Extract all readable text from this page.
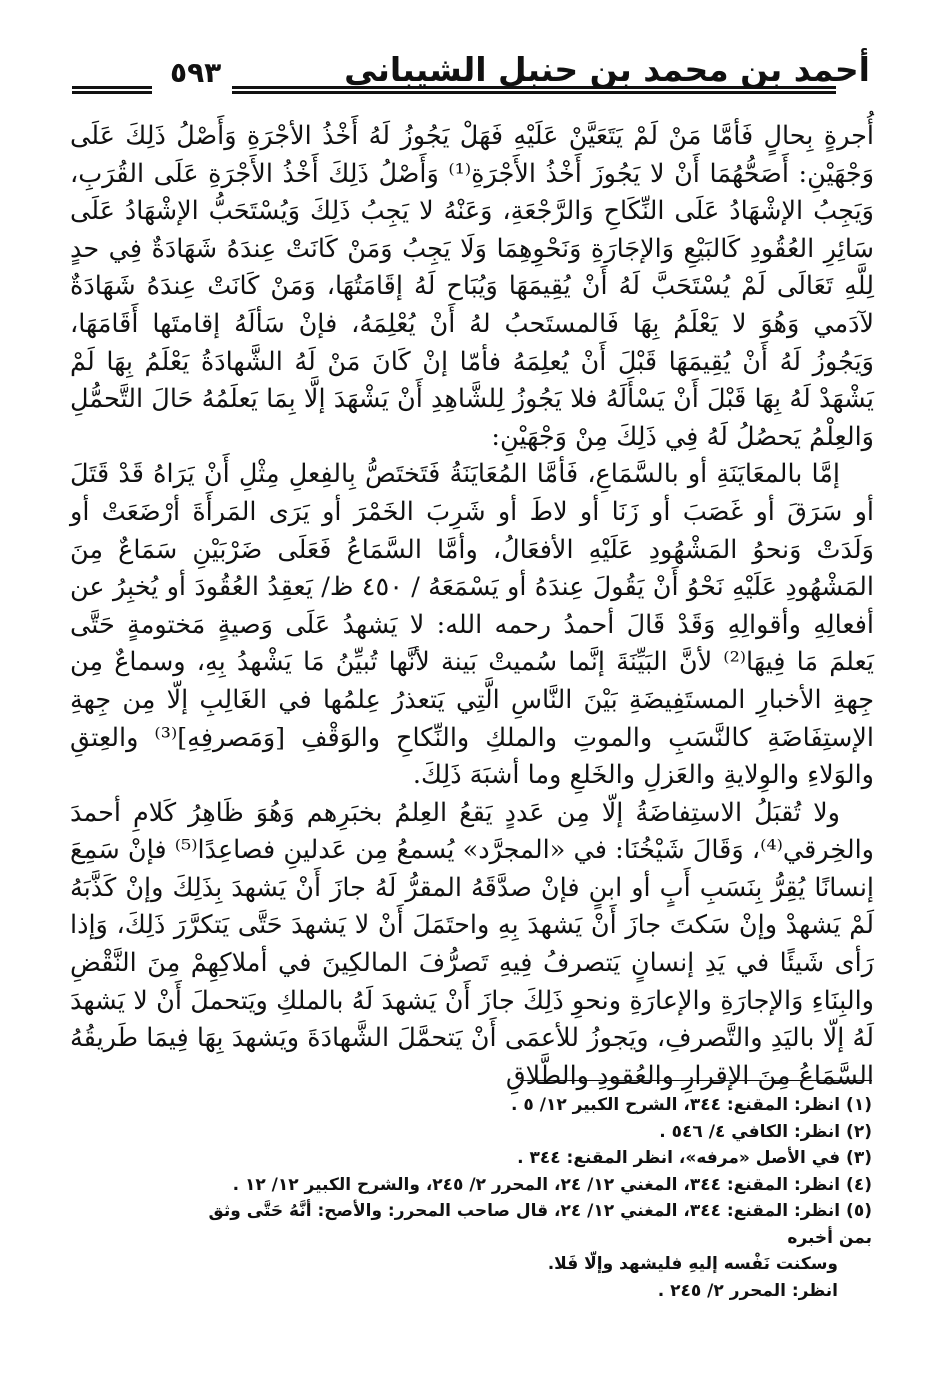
أحمد بن محمد بن حنبل الشيباني
٥٩٣

أُجرةٍ بِحالٍ فَأمَّا مَنْ لَمْ يَتَعَيَّنْ عَلَيْهِ فَهَلْ يَجُوزُ لَهُ أَخْذُ الأجْرَةِ وَأَصْلُ ذَلِكَ عَلَى وَجْهَيْنِ: أَصَحُّهُمَا أَنْ لا يَجُوزَ أَخْذُ الأَجْرَةِ⁽¹⁾ وَأَصْلُ ذَلِكَ أَخْذُ الأَجْرَةِ عَلَى القُرَبِ، وَيَجِبُ الإشْهَادُ عَلَى النِّكَاحِ وَالرَّجْعَةِ، وَعَنْهُ لا يَجِبُ ذَلِكَ وَيُسْتَحَبُّ الإشْهَادُ عَلَى سَائِرِ العُقُودِ كَالبَيْعِ وَالإجَارَةِ وَنَحْوِهِمَا وَلَا يَجِبُ وَمَنْ كَانَتْ عِندَهُ شَهَادَةٌ فِي حدٍ لِلَّهِ تَعَالَى لَمْ يُسْتَحَبَّ لَهُ أَنْ يُقِيمَهَا وَيُبَاح لَهُ إقَامَتُهَا، وَمَنْ كَانَتْ عِندَهُ شَهَادَةٌ لآدَمي وَهُوَ لا يَعْلَمُ بِهَا فَالمستَحبُ لهُ أَنْ يُعْلِمَهُ، فإنْ سَألَهُ إقامتَها أَقَامَهَا، وَيَجُوزُ لَهُ أَنْ يُقِيمَهَا قَبْلَ أَنْ يُعلِمَهُ فأمّا إنْ كَانَ مَنْ لَهُ الشَّهادَةُ يَعْلَمُ بِهَا لَمْ يَشْهَدْ لَهُ بِهَا قَبْلَ أَنْ يَسْأَلَهُ فلا يَجُوزُ لِلشَّاهِدِ أَنْ يَشْهَدَ إلَّا بِمَا يَعلَمُهُ حَالَ التَّحمُّلِ وَالعِلْمُ يَحصُلُ لَهُ فِي ذَلِكَ مِنْ وَجْهَيْنِ:

إمَّا بالمعَايَنَةِ أو بالسَّمَاعِ، فَأمَّا المُعَايَنَةُ فَتَختَصُّ بِالفِعلِ مِثْلِ أَنْ يَرَاهُ قَدْ قَتَلَ أو سَرَقَ أو غَصَبَ أو زَنَا أو لاطَ أو شَرِبَ الخَمْرَ أو يَرَى المَرأَةَ أرْضَعَتْ أو وَلَدَتْ وَنحوُ المَشْهُودِ عَلَيْهِ الأفعَالُ، وأمَّا السَّمَاعُ فَعَلَى ضَرْبَيْنِ سَمَاعٌ مِنَ المَشْهُودِ عَلَيْهِ نَحْوُ أَنْ يَقُولَ عِندَهُ أو يَسْمَعَهُ / ٤٥٠ ظ/ يَعقِدُ العُقُودَ أو يُخبِرُ عن أفعالِهِ وأقوالِهِ وَقَدْ قَالَ أحمدُ رحمه الله: لا يَشهدُ عَلَى وَصيةٍ مَختومةٍ حَتَّى يَعلمَ مَا فِيهَا⁽²⁾ لأنَّ البَيِّنَةَ إنَّما سُميتْ بَينة لأنَّها تُبيِّنُ مَا يَشْهدُ بِهِ، وسماعٌ مِن جِهةِ الأخبارِ المستَفِيضَةِ بَيْنَ النَّاسِ الَّتِي يَتعذرُ عِلمُها في الغَالِبِ إلّا مِن جِهةِ الإستِفَاضَةِ كالنَّسَبِ والموتِ والملكِ والنِّكاحِ والوَقْفِ [وَمَصرفِهِ]⁽³⁾ والعِتقِ والوَلاءِ والوِلايةِ والعَزلِ والخَلعِ وما أشبَهَ ذَلِكَ.

ولا تُقبَلُ الاستِفاضَةُ إلّا مِن عَددٍ يَقعُ العِلمُ بخبَرِهم وَهُوَ ظَاهِرُ كَلامِ أحمدَ والخِرقي⁽⁴⁾، وَقَالَ شَيْخُنَا: في «المجرَّد» يُسمعُ مِن عَدلينِ فصاعِدًا⁽⁵⁾ فإنْ سَمِعَ إنسانًا يُقِرُّ بِنَسَبِ أَبٍ أو ابنٍ فإنْ صدَّقَهُ المقرُّ لَهُ جازَ أَنْ يَشهدَ بِذَلِكَ وإنْ كَذَّبَهُ لَمْ يَشهدْ وإنْ سَكتَ جازَ أَنْ يَشهدَ بِهِ واحتَمَلَ أَنْ لا يَشهدَ حَتَّى يَتكرَّرَ ذَلِكَ، وَإذا رَأى شَيئًا في يَدِ إنسانٍ يَتصرفُ فِيهِ تَصرُّفَ المالكِينَ في أملاكِهِمْ مِنَ النَّقْضِ والبِنَاءِ وَالإجارَةِ والإعارَةِ ونحوِ ذَلِكَ جازَ أَنْ يَشهدَ لَهُ بالملكِ ويَتحملَ أَنْ لا يَشهدَ لَهُ إلّا باليَدِ والتَّصرفِ، ويَجوزُ للأعمَى أَنْ يَتحمَّلَ الشَّهادَةَ ويَشهدَ بِهَا فِيمَا طَريقُهُ السَّمَاعُ مِنَ الإقرارِ والعُقودِ والطَّلاقِ

(١) انظر: المقنع: ٣٤٤، الشرح الكبير ١٢/ ٥ .

(٢) انظر: الكافي ٤/ ٥٤٦ .

(٣) في الأصل «مرفه»، انظر المقنع: ٣٤٤ .

(٤) انظر: المقنع: ٣٤٤، المغني ١٢/ ٢٤، المحرر ٢/ ٢٤٥، والشرح الكبير ١٢/ ١٢ .

(٥) انظر: المقنع: ٣٤٤، المغني ١٢/ ٢٤، قال صاحب المحرر: والأصح: أنَّهُ حَتَّى وثق بمن أخبره

وسكنت نَفْسه إليهِ فليشهد وإلّا فَلا.

انظر: المحرر ٢/ ٢٤٥ .
